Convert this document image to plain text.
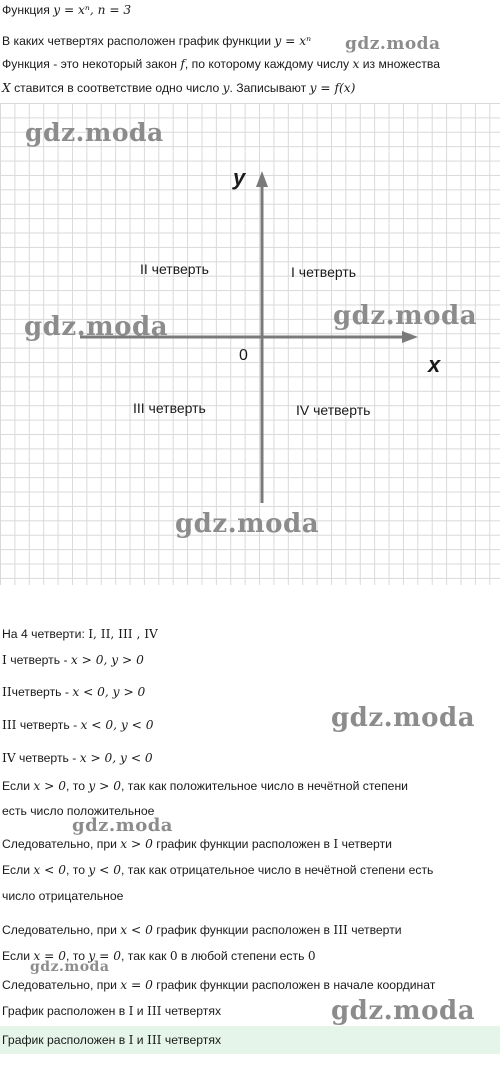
Функция y = xⁿ, n = 3
В каких четвертях расположен график функции y = xⁿ
Функция - это некоторый закон f, по которому каждому числу x из множества
X ставится в соответствие одно число y. Записывают y = f(x)
y
x
0
I четверть
II четверть
III четверть	IV четверть
На 4 четверти: I, II, III , IV
I четверть - x > 0, y > 0
IIчетверть - x < 0, y > 0
III четверть - x < 0, y < 0
IV четверть - x > 0, y < 0
Если x > 0, то y > 0, так как положительное число в нечётной степени
есть число положительное
Следовательно, при x > 0 график функции расположен в I четверти
Если x < 0, то y < 0, так как отрицательное число в нечётной степени есть
число отрицательное
Следовательно, при x < 0 график функции расположен в III четверти
Если x = 0, то y = 0, так как 0 в любой степени есть 0
Следовательно, при x = 0 график функции расположен в начале координат
График расположен в I и III четвертях
График расположен в I и III четвертях
gdz.moda
gdz.moda
gdz.moda	gdz.moda
gdz.moda
gdz.moda
gdz.moda
gdz.moda
gdz.moda
